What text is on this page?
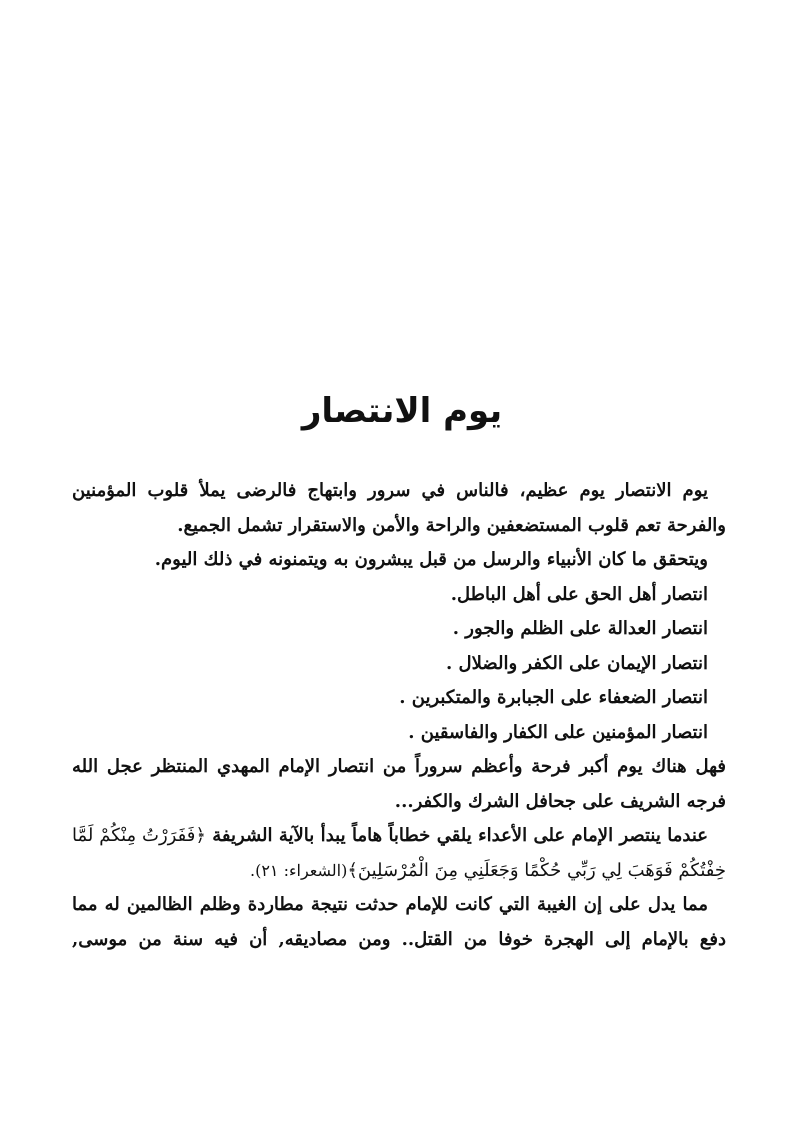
يوم الانتصار

يوم الانتصار يوم عظيم، فالناس في سرور وابتهاج فالرضى يملأ قلوب المؤمنين والفرحة تعم قلوب المستضعفين والراحة والأمن والاستقرار تشمل الجميع.

ويتحقق ما كان الأنبياء والرسل من قبل يبشرون به ويتمنونه في ذلك اليوم.

انتصار أهل الحق على أهل الباطل.

انتصار العدالة على الظلم والجور .

انتصار الإيمان على الكفر والضلال .

انتصار الضعفاء على الجبابرة والمتكبرين .

انتصار المؤمنين على الكفار والفاسقين .

فهل هناك يوم أكبر فرحة وأعظم سروراً من انتصار الإمام المهدي المنتظر عجل الله فرجه الشريف على جحافل الشرك والكفر...

عندما ينتصر الإمام على الأعداء يلقي خطاباً هاماً يبدأ بالآية الشريفة ﴿فَفَرَرْتُ مِنْكُمْ لَمَّا خِفْتُكُمْ فَوَهَبَ لِي رَبِّي حُكْمًا وَجَعَلَنِي مِنَ الْمُرْسَلِينَ﴾(الشعراء: ٢١).

مما يدل على إن الغيبة التي كانت للإمام حدثت نتيجة مطاردة وظلم الظالمين له مما دفع بالإمام إلى الهجرة خوفا من القتل.. ومن مصاديقه, أن فيه سنة من موسى,
